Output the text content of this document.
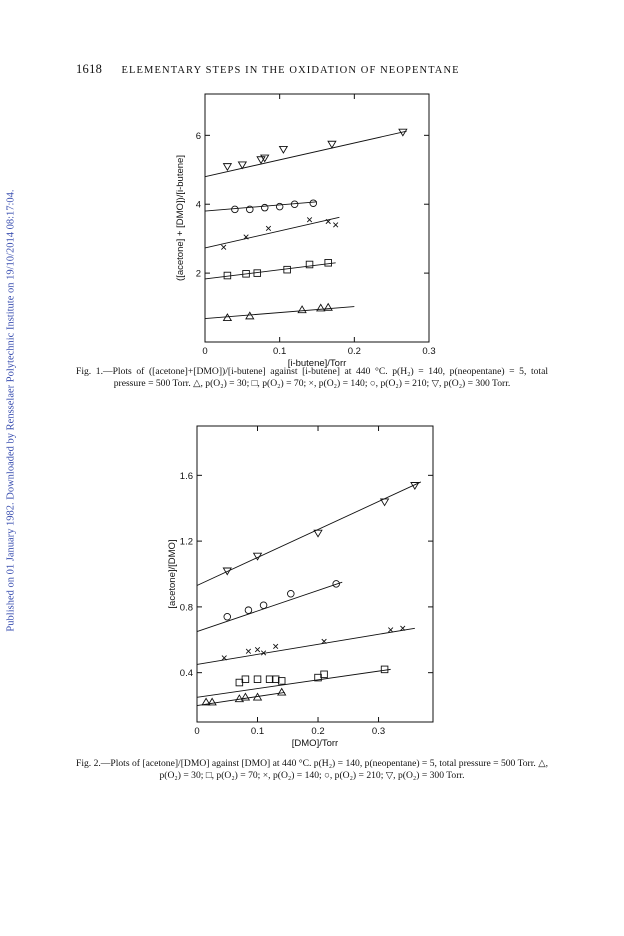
1618 ELEMENTARY STEPS IN THE OXIDATION OF NEOPENTANE
Published on 01 January 1982. Downloaded by Rensselaer Polytechnic Institute on 19/10/2014 08:17:04.	0	0.1	0.2	0.3
2
4
6
[i-butene]/Torr
([acetone] + [DMO])/[i-butene]
Fig. 1.—Plots of ([acetone]+[DMO])/[i-butene] against [i-butene] at 440 °C. p(H₂) = 140, p(neopentane) = 5, total pressure = 500 Torr. △, p(O₂) = 30; □, p(O₂) = 70; ×, p(O₂) = 140; ○, p(O₂) = 210; ▽, p(O₂) = 300 Torr.
0	0.1	0.2	0.3
0.4
0.8
1.2
1.6
[DMO]/Torr
[acetone]/[DMO]
Fig. 2.—Plots of [acetone]/[DMO] against [DMO] at 440 °C. p(H₂) = 140, p(neopentane) = 5, total pressure = 500 Torr. △, p(O₂) = 30; □, p(O₂) = 70; ×, p(O₂) = 140; ○, p(O₂) = 210; ▽, p(O₂) = 300 Torr.
